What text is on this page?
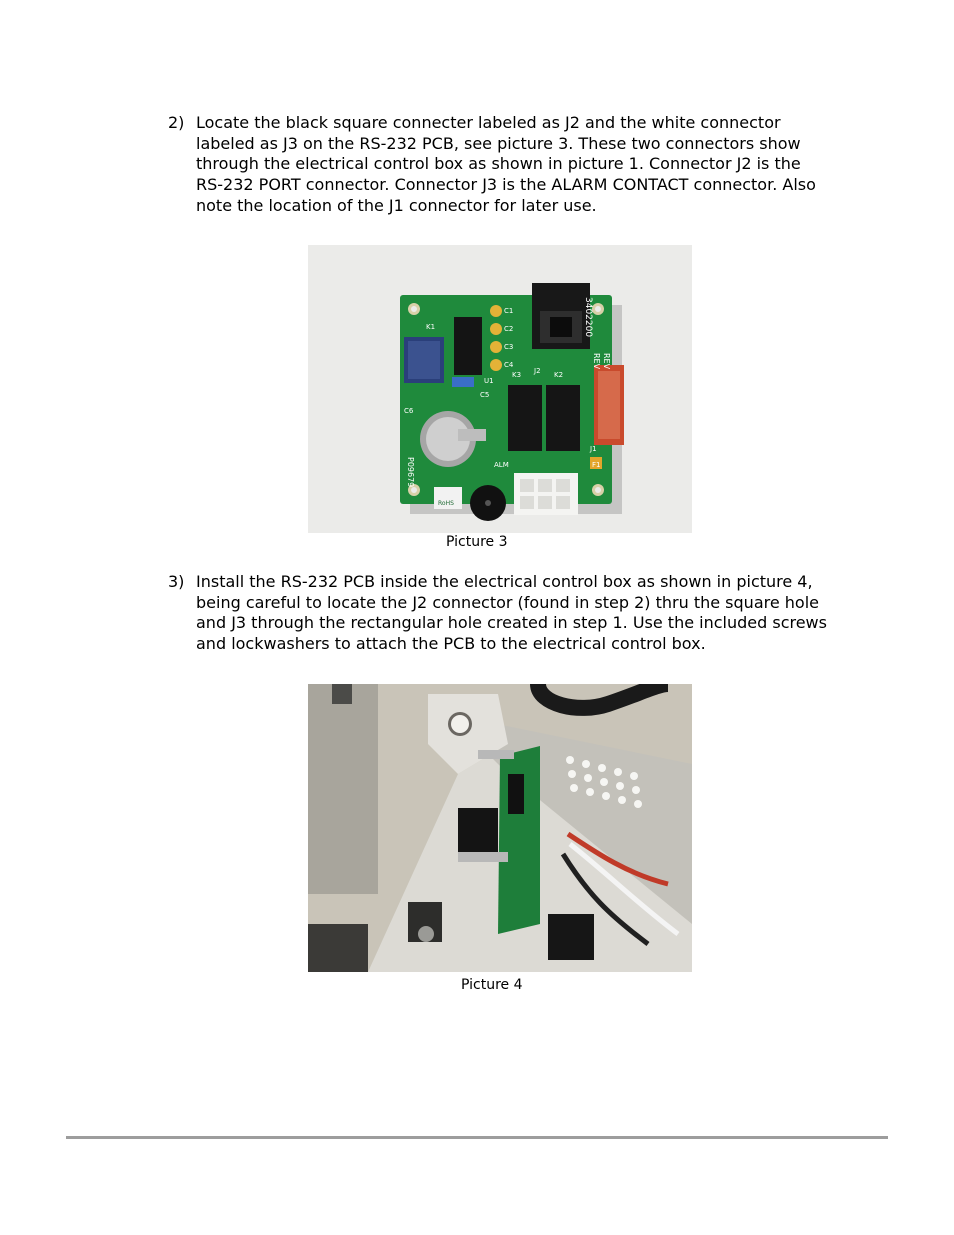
2) Locate the black square connecter labeled as J2 and the white connector labeled as J3 on the RS-232 PCB, see picture 3. These two connectors show through the electrical control box as shown in picture 1. Connector J2 is the RS-232 PORT connector. Connector J3 is the ALARM CONTACT connector. Also note the location of the J1 connector for later use.
K1
U1
C1
C2
C3
C4
C5
C6
K3 J2 K2
REV
REV
3402200
J1
F1
ALM
P09679
RoHS
Picture 3
3) Install the RS-232 PCB inside the electrical control box as shown in picture 4, being careful to locate the J2 connector (found in step 2) thru the square hole and J3 through the rectangular hole created in step 1. Use the included screws and lockwashers to attach the PCB to the electrical control box.
Picture 4
